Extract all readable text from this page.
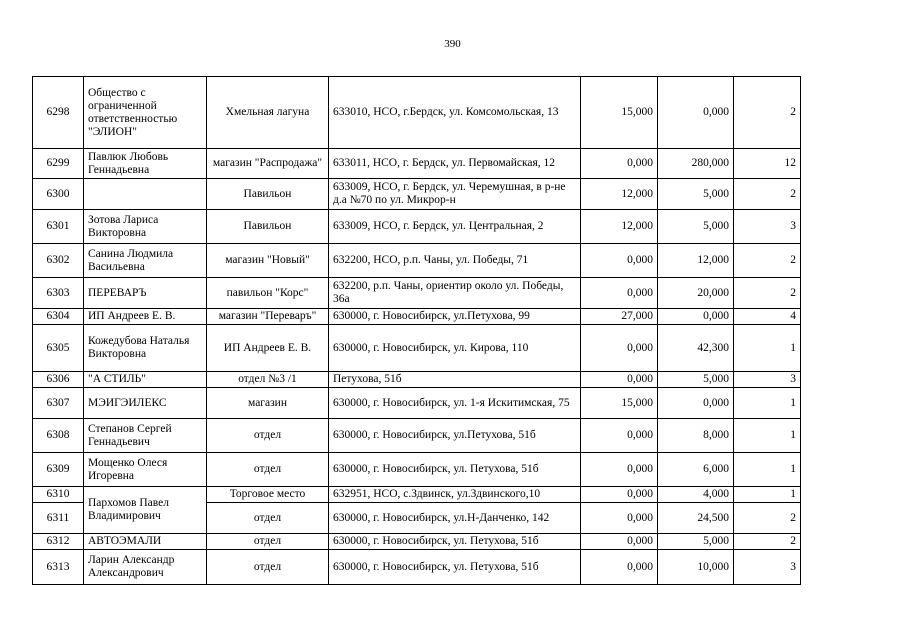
390
6298	Общество с ограниченной ответственностью "ЭЛИОН"	Хмельная лагуна	633010, НСО, г.Бердск, ул. Комсомольская, 13	15,000	0,000	2
6299	Павлюк Любовь Геннадьевна	магазин "Распродажа"	633011, НСО, г. Бердск, ул. Первомайская, 12	0,000	280,000	12
6300		Павильон	633009, НСО, г. Бердск, ул. Черемушная, в р-не д.а №70 по ул. Микрор-н	12,000	5,000	2
6301	Зотова Лариса Викторовна	Павильон	633009, НСО, г. Бердск, ул. Центральная, 2	12,000	5,000	3
6302	Санина Людмила Васильевна	магазин "Новый"	632200, НСО, р.п. Чаны, ул. Победы, 71	0,000	12,000	2
6303	ПЕРЕВАРЪ	павильон "Корс"	632200, р.п. Чаны, ориентир около ул. Победы, 36а	0,000	20,000	2
6304	ИП Андреев Е. В.	магазин "Переваръ"	630000, г. Новосибирск, ул.Петухова, 99	27,000	0,000	4
6305	Кожедубова Наталья Викторовна	ИП Андреев Е. В.	630000, г. Новосибирск, ул. Кирова, 110	0,000	42,300	1
6306	"А СТИЛЬ"	отдел №3 /1	Петухова, 51б	0,000	5,000	3
6307	МЭИГЭИЛЕКС	магазин	630000, г. Новосибирск, ул. 1-я Искитимская, 75	15,000	0,000	1
6308	Степанов Сергей Геннадьевич	отдел	630000, г. Новосибирск, ул.Петухова, 51б	0,000	8,000	1
6309	Мощенко Олеся Игоревна	отдел	630000, г. Новосибирск, ул. Петухова, 51б	0,000	6,000	1
6310	Пархомов Павел Владимирович	Торговое место	632951, НСО, с.Здвинск, ул.Здвинского,10	0,000	4,000	1
6311		отдел	630000, г. Новосибирск, ул.Н-Данченко, 142	0,000	24,500	2
6312	АВТОЭМАЛИ	отдел	630000, г. Новосибирск, ул. Петухова, 51б	0,000	5,000	2
6313	Ларин Александр Александрович	отдел	630000, г. Новосибирск, ул. Петухова, 51б	0,000	10,000	3
